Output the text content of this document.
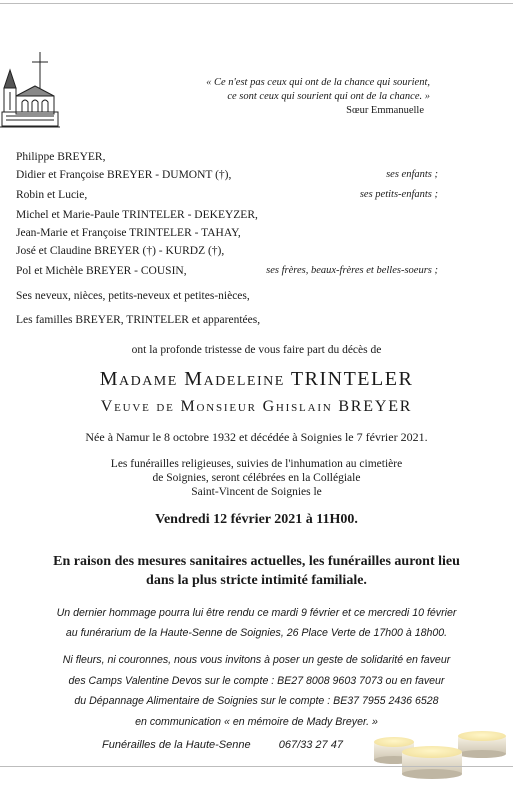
« Ce n'est pas ceux qui ont de la chance qui sourient,
ce sont ceux qui sourient qui ont de la chance. »
Sœur Emmanuelle
Philippe BREYER,
Didier et Françoise BREYER - DUMONT (†),	ses enfants ;
Robin et Lucie,	ses petits-enfants ;
Michel et Marie-Paule TRINTELER - DEKEYZER,
Jean-Marie et Françoise TRINTELER - TAHAY,
José et Claudine BREYER (†) - KURDZ (†),
Pol et Michèle BREYER - COUSIN,	ses frères, beaux-frères et belles-soeurs ;
Ses neveux, nièces, petits-neveux et petites-nièces,
Les familles BREYER, TRINTELER et apparentées,
ont la profonde tristesse de vous faire part du décès de
Madame Madeleine TRINTELER
Veuve de Monsieur Ghislain BREYER
Née à Namur le 8 octobre 1932 et décédée à Soignies le 7 février 2021.
Les funérailles religieuses, suivies de l'inhumation au cimetière
de Soignies, seront célébrées en la Collégiale
Saint-Vincent de Soignies le
Vendredi 12 février 2021 à 11H00.
En raison des mesures sanitaires actuelles, les funérailles auront lieu
dans la plus stricte intimité familiale.
Un dernier hommage pourra lui être rendu ce mardi 9 février et ce mercredi 10 février
au funérarium de la Haute-Senne de Soignies, 26 Place Verte de 17h00 à 18h00.
Ni fleurs, ni couronnes, nous vous invitons à poser un geste de solidarité en faveur
des Camps Valentine Devos sur le compte : BE27 8008 9603 7073 ou en faveur
du Dépannage Alimentaire de Soignies sur le compte : BE37 7955 2436 6528
en communication « en mémoire de Mady Breyer. »
Funérailles de la Haute-Senne	067/33 27 47
